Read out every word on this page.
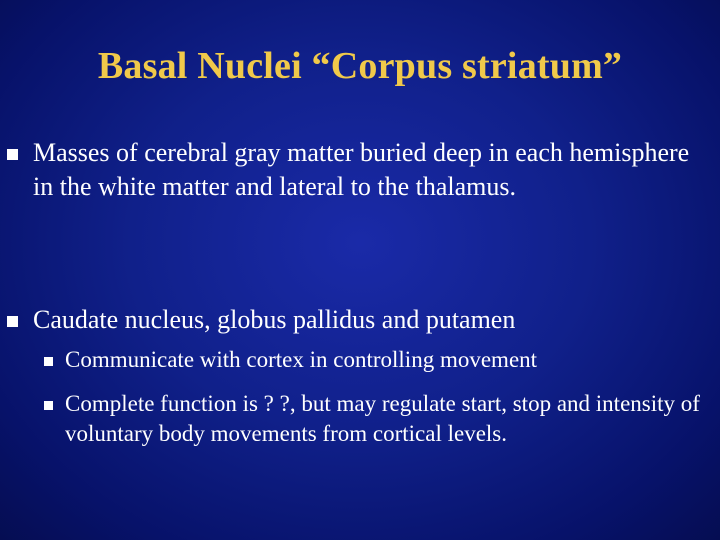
Basal Nuclei “Corpus striatum”
Masses of cerebral gray matter buried deep in each hemisphere in the white matter and lateral to the thalamus.
Caudate nucleus, globus pallidus and putamen
Communicate with cortex in controlling movement
Complete function is ? ?, but may regulate start, stop and intensity of voluntary body movements from cortical levels.
